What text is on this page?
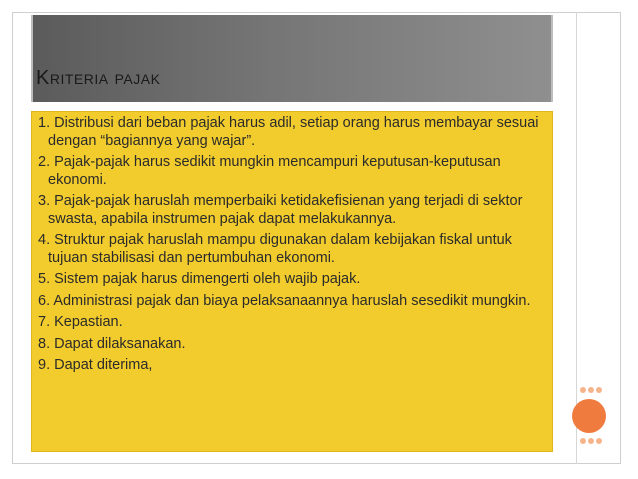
Kriteria pajak
1. Distribusi dari beban pajak harus adil, setiap orang harus membayar sesuai dengan “bagiannya yang wajar”.
2. Pajak-pajak harus sedikit mungkin mencampuri keputusan-keputusan ekonomi.
3. Pajak-pajak haruslah memperbaiki ketidakefisienan yang terjadi di sektor swasta, apabila instrumen pajak dapat melakukannya.
4. Struktur pajak haruslah mampu digunakan dalam kebijakan fiskal untuk tujuan stabilisasi dan pertumbuhan ekonomi.
5. Sistem pajak harus dimengerti oleh wajib pajak.
6. Administrasi pajak dan biaya pelaksanaannya haruslah sesedikit mungkin.
7. Kepastian.
8. Dapat dilaksanakan.
9. Dapat diterima,
